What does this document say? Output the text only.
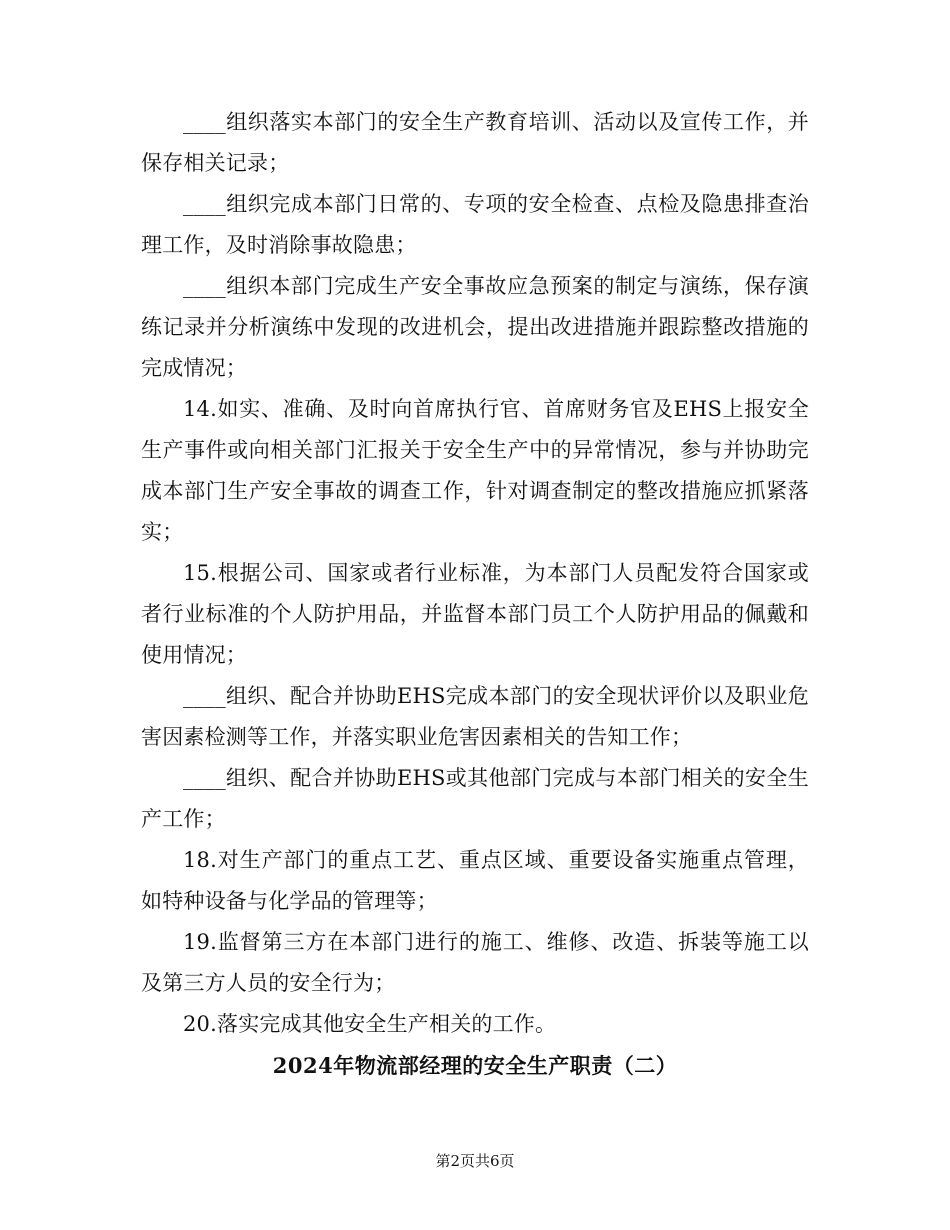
____组织落实本部门的安全生产教育培训、活动以及宣传工作，并保存相关记录；

____组织完成本部门日常的、专项的安全检查、点检及隐患排查治理工作，及时消除事故隐患；

____组织本部门完成生产安全事故应急预案的制定与演练，保存演练记录并分析演练中发现的改进机会，提出改进措施并跟踪整改措施的完成情况；

14.如实、准确、及时向首席执行官、首席财务官及EHS上报安全生产事件或向相关部门汇报关于安全生产中的异常情况，参与并协助完成本部门生产安全事故的调查工作，针对调查制定的整改措施应抓紧落实；

15.根据公司、国家或者行业标准，为本部门人员配发符合国家或者行业标准的个人防护用品，并监督本部门员工个人防护用品的佩戴和使用情况；

____组织、配合并协助EHS完成本部门的安全现状评价以及职业危害因素检测等工作，并落实职业危害因素相关的告知工作；

____组织、配合并协助EHS或其他部门完成与本部门相关的安全生产工作；

18.对生产部门的重点工艺、重点区域、重要设备实施重点管理，如特种设备与化学品的管理等；

19.监督第三方在本部门进行的施工、维修、改造、拆装等施工以及第三方人员的安全行为；

20.落实完成其他安全生产相关的工作。

2024年物流部经理的安全生产职责（二）
第2页共6页
